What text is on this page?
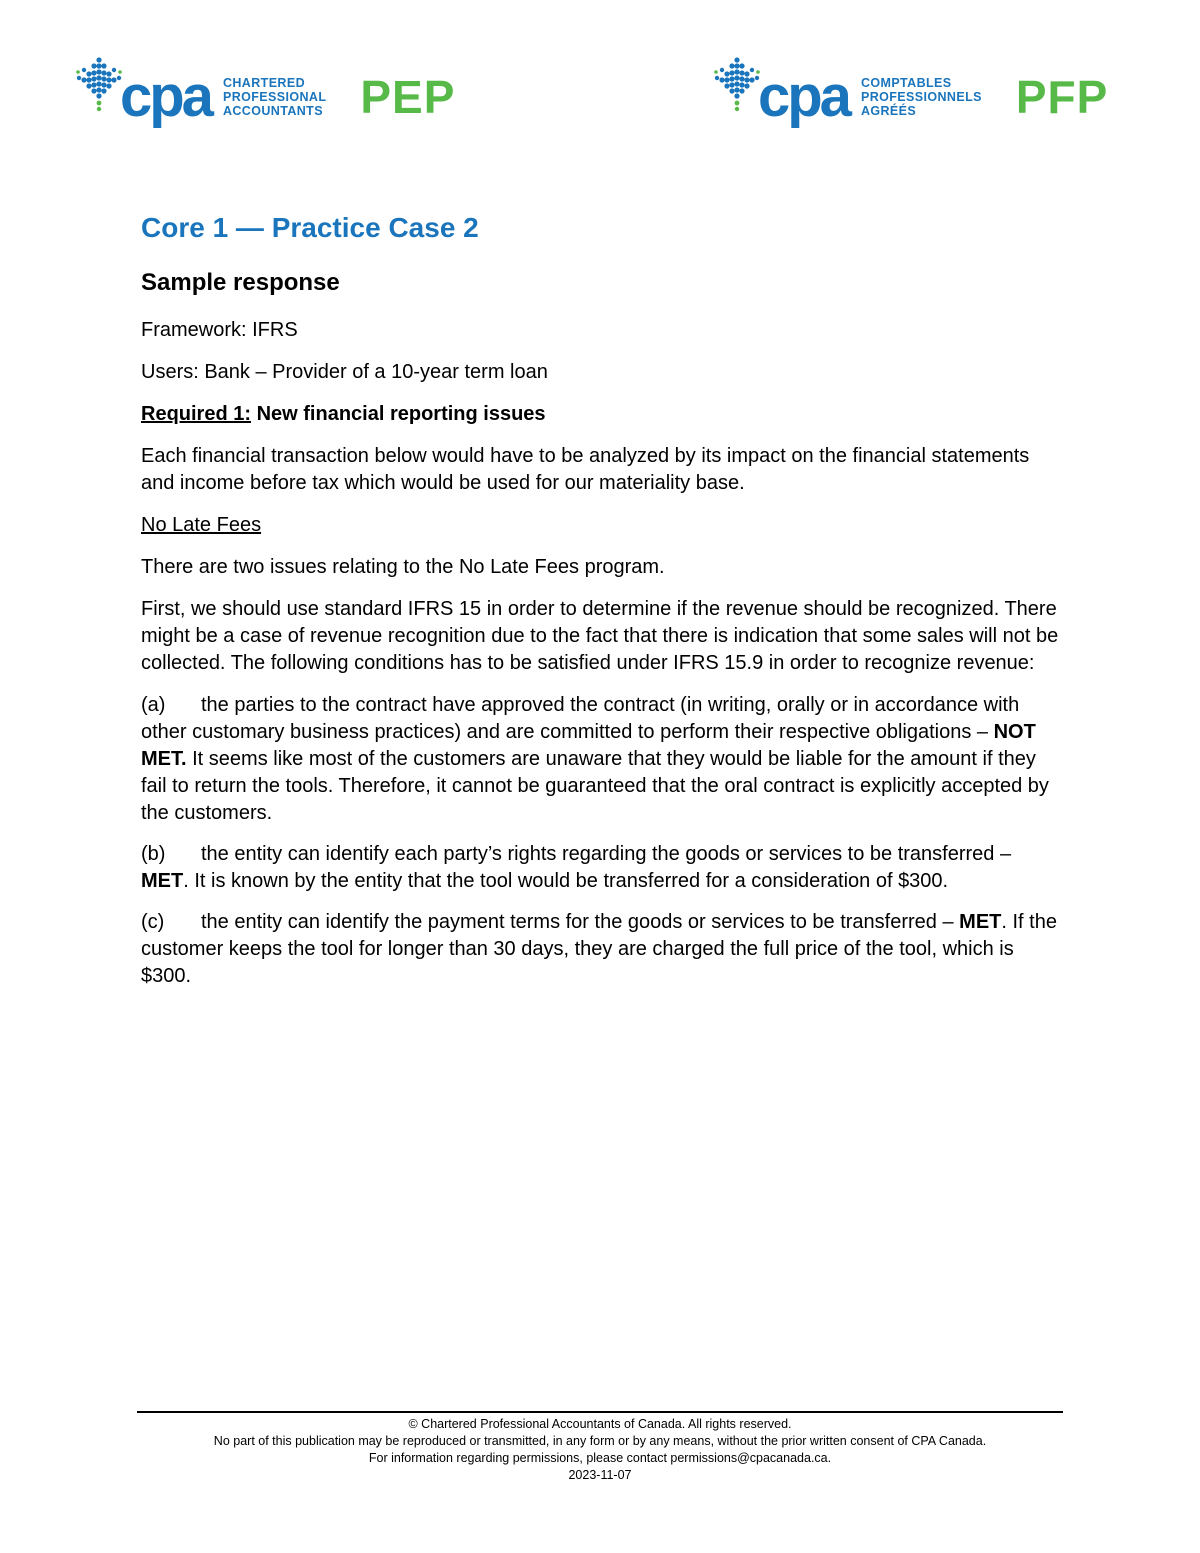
cpa CHARTERED
PROFESSIONAL
ACCOUNTANTS PEP	cpa COMPTABLES
PROFESSIONNELS
AGRÉÉS	PFP
Core 1 — Practice Case 2
Sample response

Framework: IFRS

Users: Bank – Provider of a 10-year term loan

Required 1: New financial reporting issues

Each financial transaction below would have to be analyzed by its impact on the financial statements and income before tax which would be used for our materiality base.

No Late Fees

There are two issues relating to the No Late Fees program.

First, we should use standard IFRS 15 in order to determine if the revenue should be recognized. There might be a case of revenue recognition due to the fact that there is indication that some sales will not be collected. The following conditions has to be satisfied under IFRS 15.9 in order to recognize revenue:

(a) the parties to the contract have approved the contract (in writing, orally or in accordance with other customary business practices) and are committed to perform their respective obligations – NOT MET. It seems like most of the customers are unaware that they would be liable for the amount if they fail to return the tools. Therefore, it cannot be guaranteed that the oral contract is explicitly accepted by the customers.

(b) the entity can identify each party’s rights regarding the goods or services to be transferred – MET. It is known by the entity that the tool would be transferred for a consideration of $300.

(c) the entity can identify the payment terms for the goods or services to be transferred – MET. If the customer keeps the tool for longer than 30 days, they are charged the full price of the tool, which is $300.

© Chartered Professional Accountants of Canada. All rights reserved.
No part of this publication may be reproduced or transmitted, in any form or by any means, without the prior written consent of CPA Canada.
For information regarding permissions, please contact permissions@cpacanada.ca.
2023-11-07
